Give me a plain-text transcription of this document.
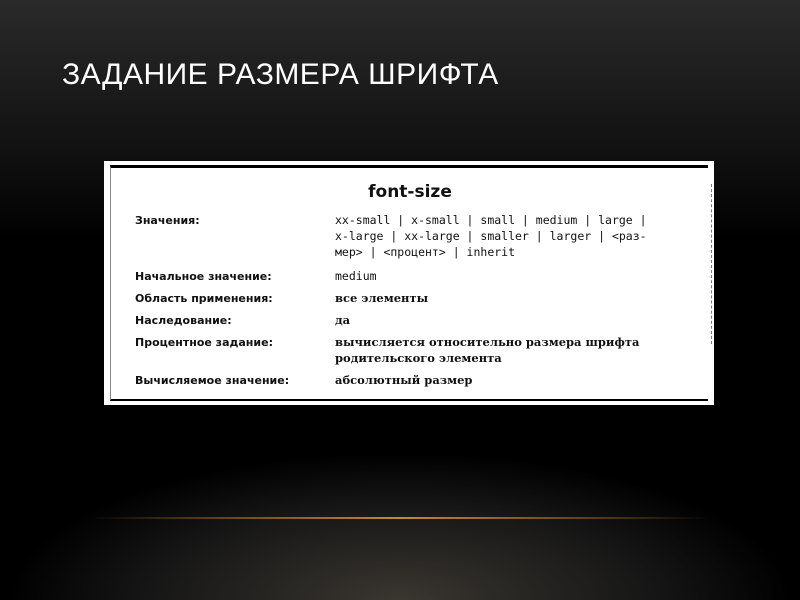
ЗАДАНИЕ РАЗМЕРА ШРИФТА
font-size
Значения:	xx-small | x-small | small | medium | large |
x-large | xx-large | smaller | larger | <раз-
мер> | <процент> | inherit
Начальное значение:	medium
Область применения:	все элементы
Наследование:	да
Процентное задание:	вычисляется относительно размера шрифта
родительского элемента
Вычисляемое значение:	абсолютный размер
